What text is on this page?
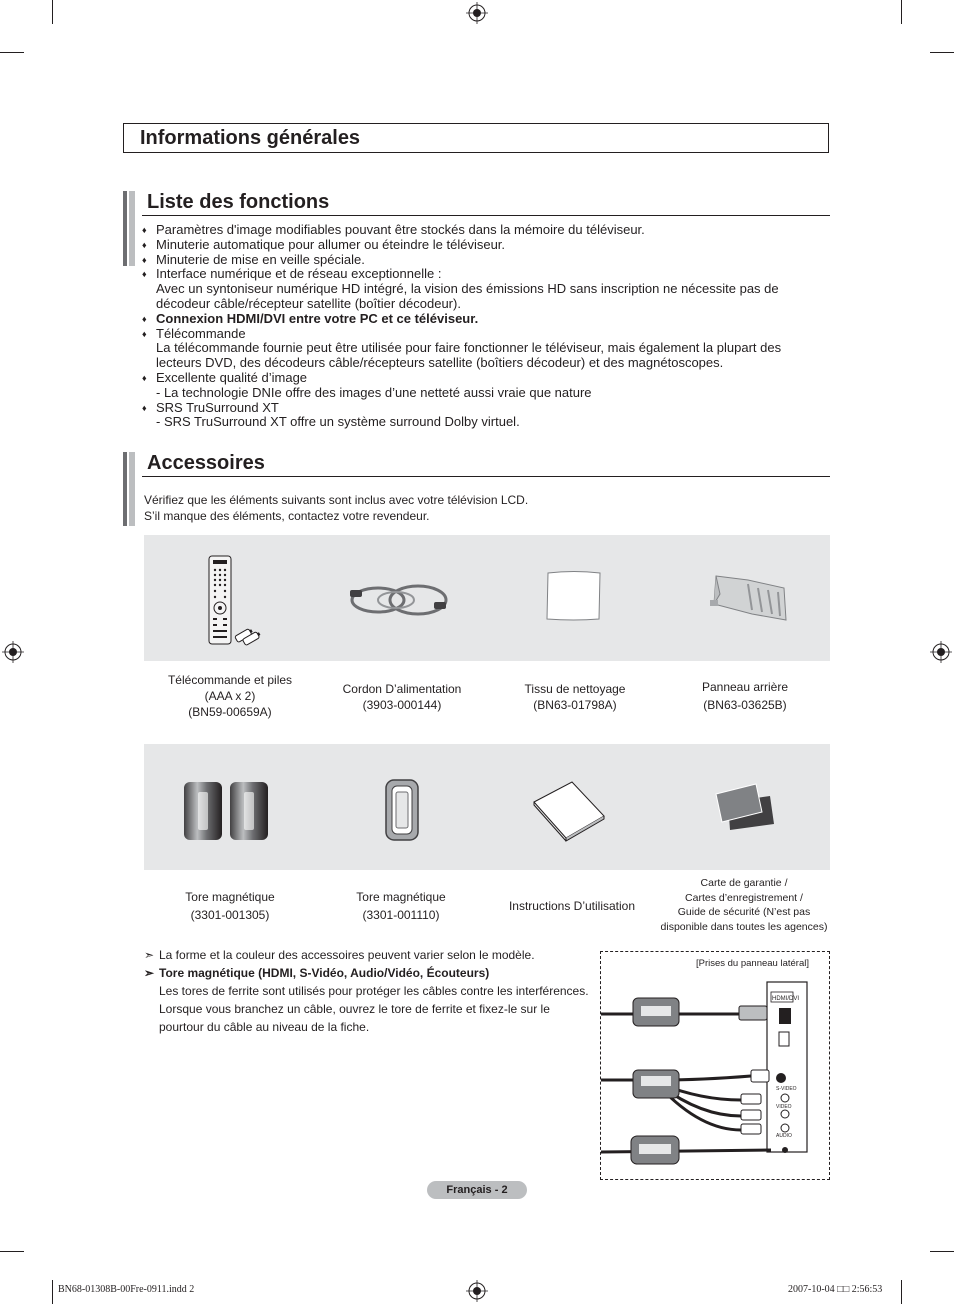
Informations générales
Liste des fonctions
♦ Paramètres d'image modifiables pouvant être stockés dans la mémoire du téléviseur.
♦ Minuterie automatique pour allumer ou éteindre le téléviseur.
♦ Minuterie de mise en veille spéciale.
♦ Interface numérique et de réseau exceptionnelle :
Avec un syntoniseur numérique HD intégré, la vision des émissions HD sans inscription ne nécessite pas de décodeur câble/récepteur satellite (boîtier décodeur).
♦ Connexion HDMI/DVI entre votre PC et ce téléviseur.
♦ Télécommande
La télécommande fournie peut être utilisée pour faire fonctionner le téléviseur, mais également la plupart des lecteurs DVD, des décodeurs câble/récepteurs satellite (boîtiers décodeur) et des magnétoscopes.
♦ Excellente qualité d’image
- La technologie DNIe offre des images d’une netteté aussi vraie que nature
♦ SRS TruSurround XT
- SRS TruSurround XT offre un système surround Dolby virtuel.
Accessoires
Vérifiez que les éléments suivants sont inclus avec votre télévision LCD.
S’il manque des éléments, contactez votre revendeur.
Télécommande et piles
(AAA x 2)
(BN59-00659A)
Cordon D’alimentation
(3903-000144)
Tissu de nettoyage
(BN63-01798A)
Panneau arrière
(BN63-03625B)
Tore magnétique
(3301-001305)
Tore magnétique
(3301-001110)
Instructions D’utilisation
Carte de garantie /
Cartes d’enregistrement /
Guide de sécurité (N’est pas
disponible dans toutes les agences)
➣ La forme et la couleur des accessoires peuvent varier selon le modèle.
➣ Tore magnétique (HDMI, S-Vidéo, Audio/Vidéo, Écouteurs)
Les tores de ferrite sont utilisés pour protéger les câbles contre les interférences.
Lorsque vous branchez un câble, ouvrez le tore de ferrite et fixez-le sur le
pourtour du câble au niveau de la fiche.
[Prises du panneau latéral]
HDMI/DVI
S-VIDEO
VIDEO
AUDIO
Français - 2
BN68-01308B-00Fre-0911.indd 2	2007-10-04 □□ 2:56:53
